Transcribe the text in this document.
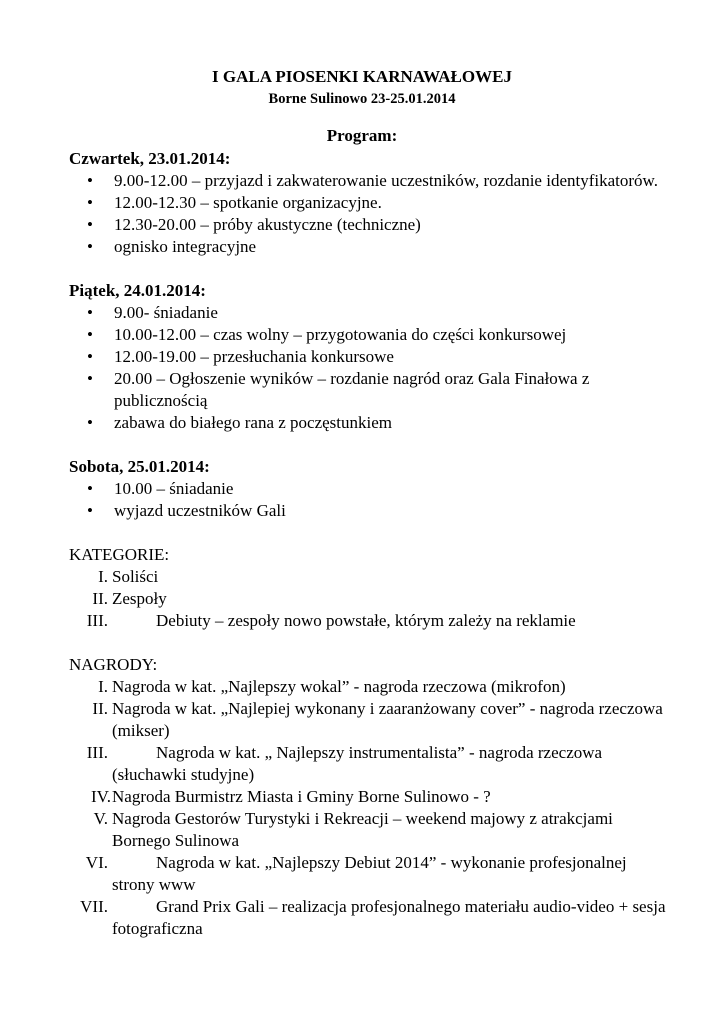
I GALA PIOSENKI KARNAWAŁOWEJ
Borne Sulinowo 23-25.01.2014
Program:
Czwartek, 23.01.2014:
• 9.00-12.00 – przyjazd i zakwaterowanie uczestników, rozdanie identyfikatorów.
• 12.00-12.30 – spotkanie organizacyjne.
• 12.30-20.00 – próby akustyczne (techniczne)
• ognisko integracyjne
Piątek, 24.01.2014:
• 9.00- śniadanie
• 10.00-12.00 – czas wolny – przygotowania do części konkursowej
• 12.00-19.00 – przesłuchania konkursowe
• 20.00 – Ogłoszenie wyników – rozdanie nagród oraz Gala Finałowa z publicznością
• zabawa do białego rana z poczęstunkiem
Sobota, 25.01.2014:
• 10.00 – śniadanie
• wyjazd uczestników Gali
KATEGORIE:
I. Soliści
II. Zespoły
III.	Debiuty – zespoły nowo powstałe, którym zależy na reklamie
NAGRODY:
I. Nagroda w kat. „Najlepszy wokal” - nagroda rzeczowa (mikrofon)
II. Nagroda w kat. „Najlepiej wykonany i zaaranżowany cover” - nagroda rzeczowa (mikser)
III.	Nagroda w kat. „ Najlepszy instrumentalista” - nagroda rzeczowa (słuchawki studyjne)
IV. Nagroda Burmistrz Miasta i Gminy Borne Sulinowo - ?
V. Nagroda Gestorów Turystyki i Rekreacji – weekend majowy z atrakcjami Bornego Sulinowa
VI.	Nagroda w kat. „Najlepszy Debiut 2014” - wykonanie profesjonalnej strony www
VII.	Grand Prix Gali – realizacja profesjonalnego materiału audio-video + sesja fotograficzna
